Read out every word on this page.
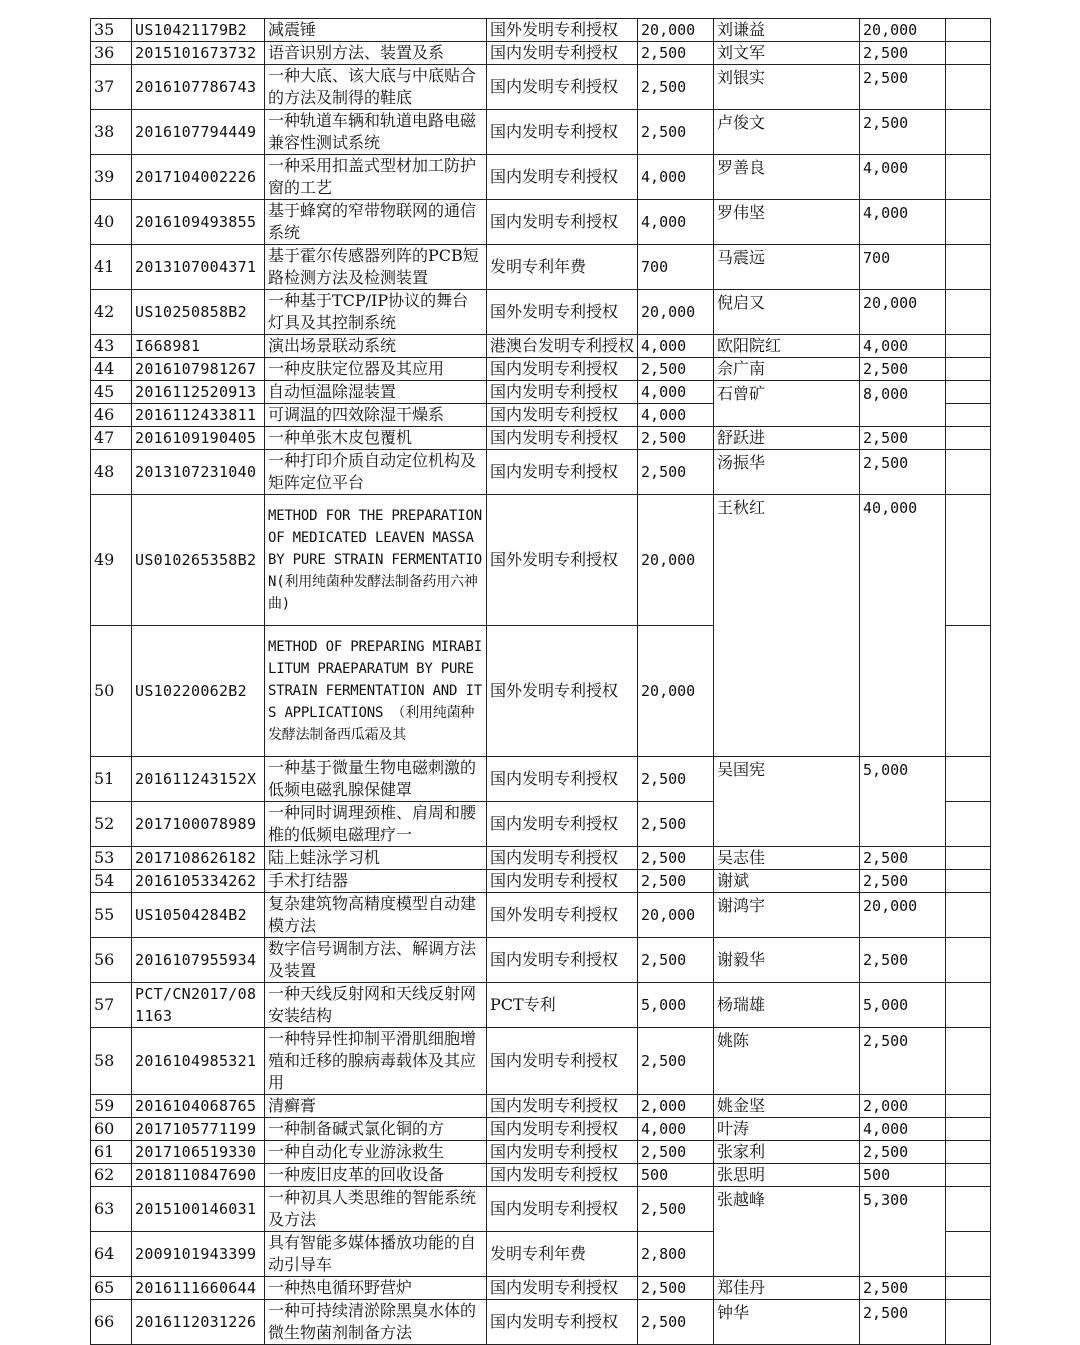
35	US10421179B2	减震锤	国外发明专利授权	20,000	刘谦益	20,000	
36	2015101673732	语音识别方法、装置及系	国内发明专利授权	2,500	刘文军	2,500	
37	2016107786743	一种大底、该大底与中底贴合的方法及制得的鞋底	国内发明专利授权	2,500	刘银实	2,500	
38	2016107794449	一种轨道车辆和轨道电路电磁兼容性测试系统	国内发明专利授权	2,500	卢俊文	2,500	
39	2017104002226	一种采用扣盖式型材加工防护窗的工艺	国内发明专利授权	4,000	罗善良	4,000	
40	2016109493855	基于蜂窝的窄带物联网的通信系统	国内发明专利授权	4,000	罗伟坚	4,000	
41	2013107004371	基于霍尔传感器列阵的PCB短路检测方法及检测装置	发明专利年费	700	马震远	700	
42	US10250858B2	一种基于TCP/IP协议的舞台灯具及其控制系统	国外发明专利授权	20,000	倪启又	20,000	
43	I668981	演出场景联动系统	港澳台发明专利授权	4,000	欧阳院红	4,000	
44	2016107981267	一种皮肤定位器及其应用	国内发明专利授权	2,500	佘广南	2,500	
45	2016112520913	自动恒温除湿装置	国内发明专利授权	4,000	石曾矿	8,000	
46	2016112433811	可调温的四效除湿干燥系	国内发明专利授权	4,000			
47	2016109190405	一种单张木皮包覆机	国内发明专利授权	2,500	舒跃进	2,500	
48	2013107231040	一种打印介质自动定位机构及矩阵定位平台	国内发明专利授权	2,500	汤振华	2,500	
49	US010265358B2	METHOD FOR THE PREPARATION OF MEDICATED LEAVEN MASSA BY PURE STRAIN FERMENTATION(利用纯菌种发酵法制备药用六神曲)	国外发明专利授权	20,000	王秋红	40,000	
50	US10220062B2	METHOD OF PREPARING MIRABILITUM PRAEPARATUM BY PURE STRAIN FERMENTATION AND ITS APPLICATIONS （利用纯菌种发酵法制备西瓜霜及其	国外发明专利授权	20,000			
51	201611243152X	一种基于微量生物电磁刺激的低频电磁乳腺保健罩	国内发明专利授权	2,500	吴国宪	5,000	
52	2017100078989	一种同时调理颈椎、肩周和腰椎的低频电磁理疗一	国内发明专利授权	2,500			
53	2017108626182	陆上蛙泳学习机	国内发明专利授权	2,500	吴志佳	2,500	
54	2016105334262	手术打结器	国内发明专利授权	2,500	谢斌	2,500	
55	US10504284B2	复杂建筑物高精度模型自动建模方法	国外发明专利授权	20,000	谢鸿宇	20,000	
56	2016107955934	数字信号调制方法、解调方法及装置	国内发明专利授权	2,500	谢毅华	2,500	
57	PCT/CN2017/081163	一种天线反射网和天线反射网安装结构	PCT专利	5,000	杨瑞雄	5,000	
58	2016104985321	一种特异性抑制平滑肌细胞增殖和迁移的腺病毒载体及其应用	国内发明专利授权	2,500	姚陈	2,500	
59	2016104068765	清癣膏	国内发明专利授权	2,000	姚金坚	2,000	
60	2017105771199	一种制备碱式氯化铜的方	国内发明专利授权	4,000	叶涛	4,000	
61	2017106519330	一种自动化专业游泳救生	国内发明专利授权	2,500	张家利	2,500	
62	2018110847690	一种废旧皮革的回收设备	国内发明专利授权	500	张思明	500	
63	2015100146031	一种初具人类思维的智能系统及方法	国内发明专利授权	2,500	张越峰	5,300	
64	2009101943399	具有智能多媒体播放功能的自动引导车	发明专利年费	2,800			
65	2016111660644	一种热电循环野营炉	国内发明专利授权	2,500	郑佳丹	2,500	
66	2016112031226	一种可持续清淤除黑臭水体的微生物菌剂制备方法	国内发明专利授权	2,500	钟华	2,500	
